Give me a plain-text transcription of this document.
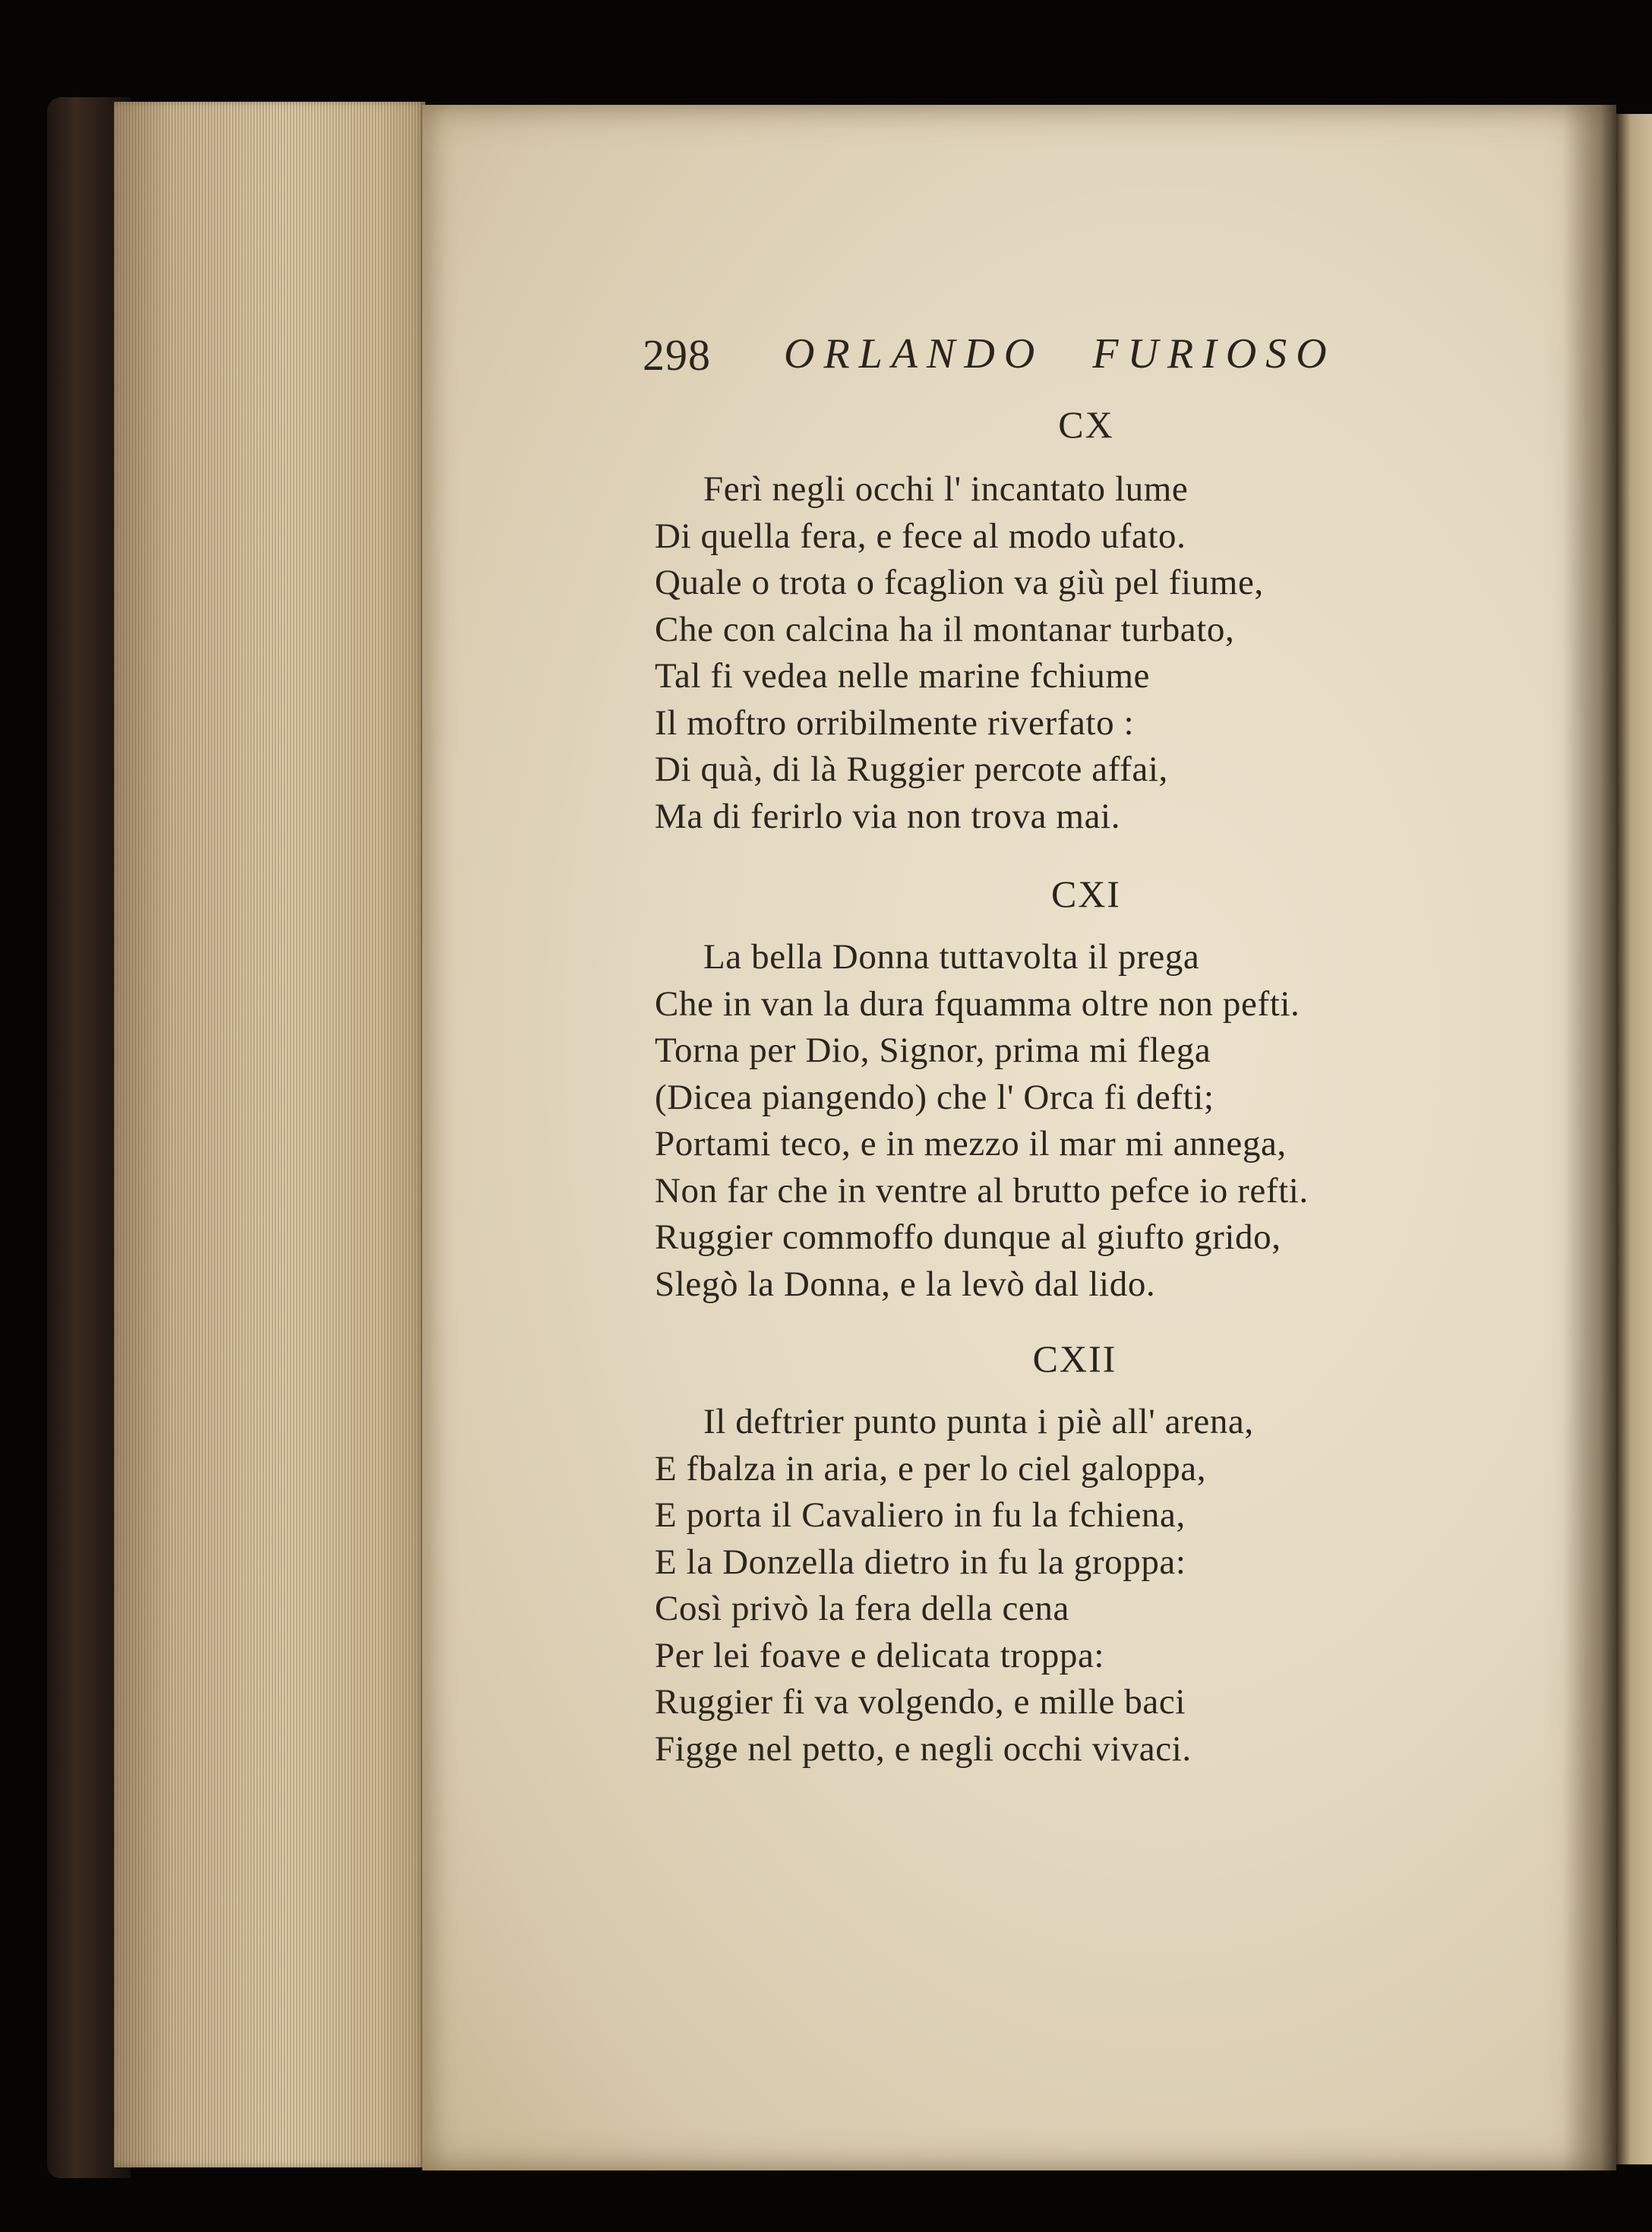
298 ORLANDO FURIOSO
CX
Ferì negli occhi l' incantato lume
Di quella fera, e fece al modo ufato.
Quale o trota o fcaglion va giù pel fiume,
Che con calcina ha il montanar turbato,
Tal fi vedea nelle marine fchiume
Il moftro orribilmente riverfato :
Di quà, di là Ruggier percote affai,
Ma di ferirlo via non trova mai.
CXI
La bella Donna tuttavolta il prega
Che in van la dura fquamma oltre non pefti.
Torna per Dio, Signor, prima mi flega
(Dicea piangendo) che l' Orca fi defti;
Portami teco, e in mezzo il mar mi annega,
Non far che in ventre al brutto pefce io refti.
Ruggier commoffo dunque al giufto grido,
Slegò la Donna, e la levò dal lido.
CXII
Il deftrier punto punta i piè all' arena,
E fbalza in aria, e per lo ciel galoppa,
E porta il Cavaliero in fu la fchiena,
E la Donzella dietro in fu la groppa:
Così privò la fera della cena
Per lei foave e delicata troppa:
Ruggier fi va volgendo, e mille baci
Figge nel petto, e negli occhi vivaci.
